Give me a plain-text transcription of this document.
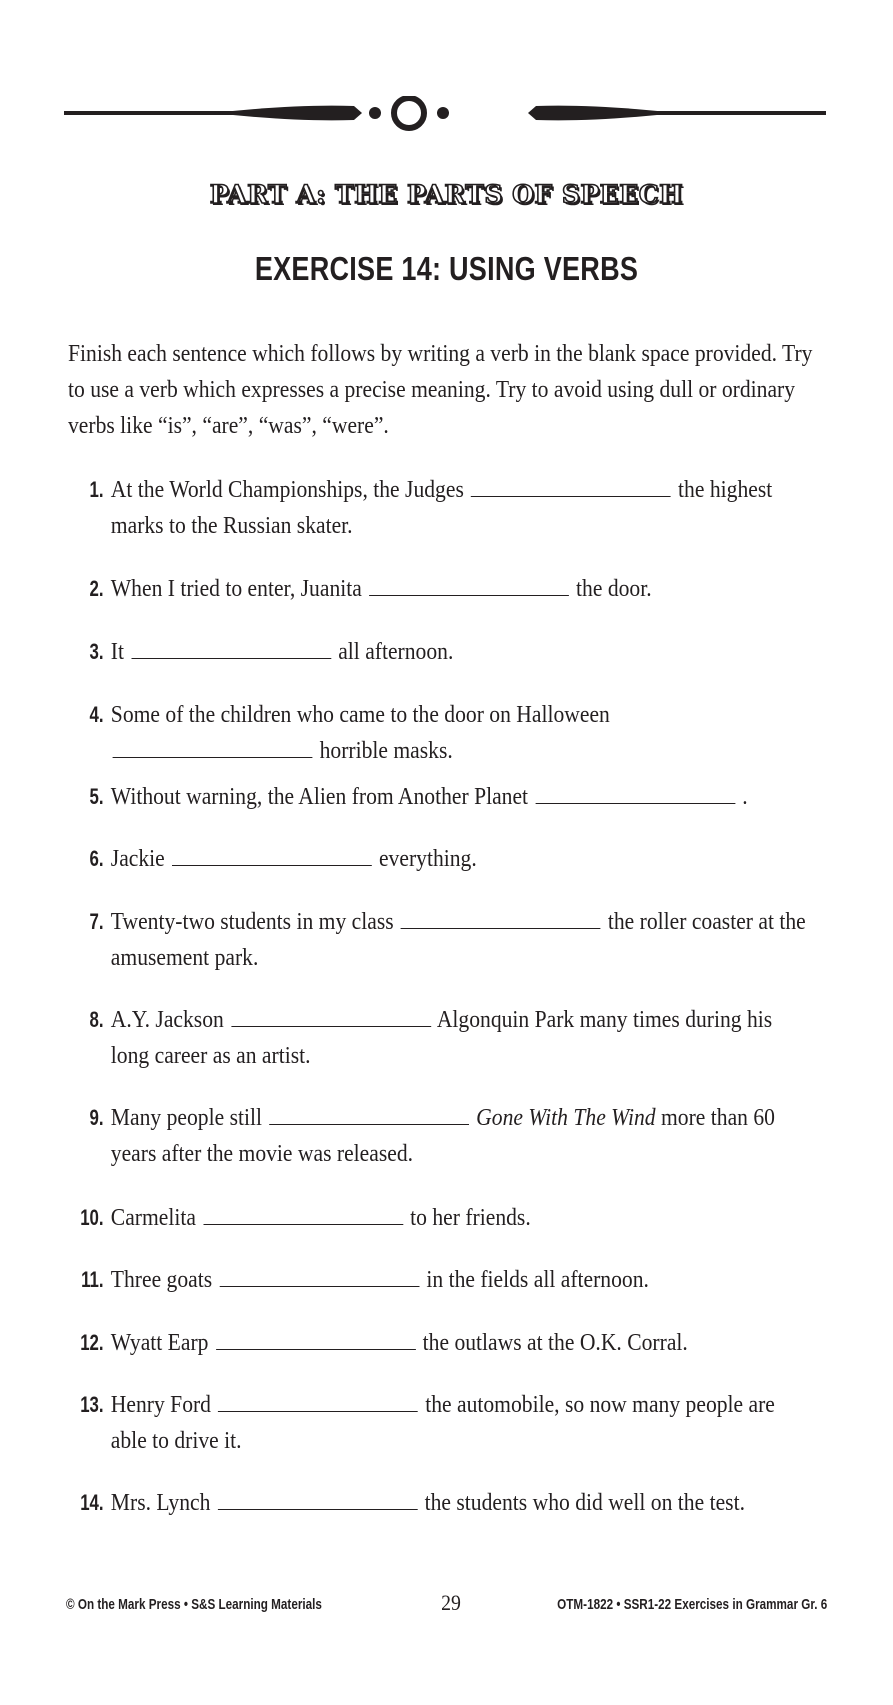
PART A: THE PARTS OF SPEECH
EXERCISE 14: USING VERBS
Finish each sentence which follows by writing a verb in the blank space provided. Try to use a verb which expresses a precise meaning. Try to avoid using dull or ordinary verbs like “is”, “are”, “was”, “were”.
1. At the World Championships, the Judges	the highest marks to the Russian skater.
2. When I tried to enter, Juanita	the door.
3. It	all afternoon.
4. Some of the children who came to the door on Halloween  horrible masks.
5. Without warning, the Alien from Another Planet	.
6. Jackie	everything.
7. Twenty-two students in my class	the roller coaster at the amusement park.
8. A.Y. Jackson	Algonquin Park many times during his long career as an artist.
9. Many people still	Gone With The Wind more than 60 years after the movie was released.
10. Carmelita	to her friends.
11. Three goats	in the fields all afternoon.
12. Wyatt Earp	the outlaws at the O.K. Corral.
13. Henry Ford	the automobile, so now many people are able to drive it.
14. Mrs. Lynch	the students who did well on the test.
© On the Mark Press • S&S Learning Materials	29	OTM-1822 • SSR1-22 Exercises in Grammar Gr. 6
